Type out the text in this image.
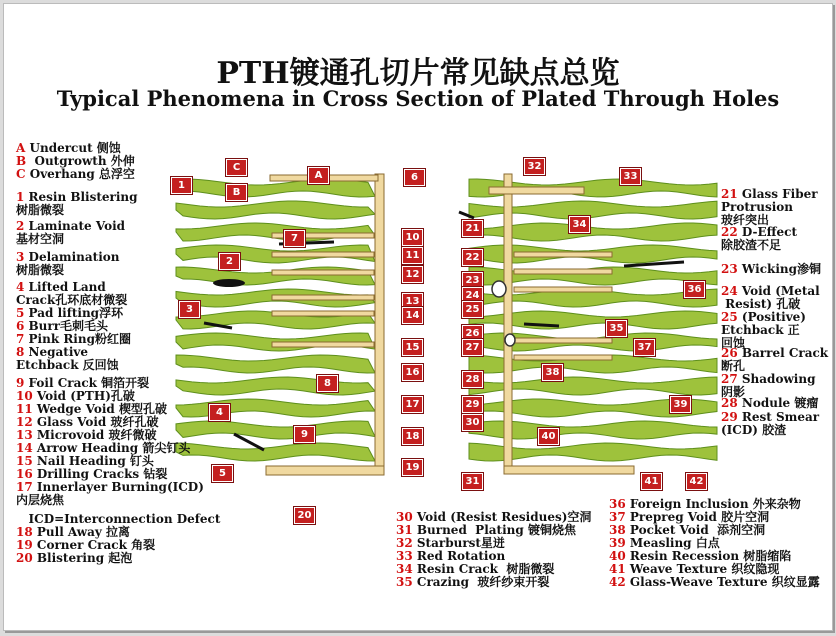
PTH镀通孔切片常见缺点总览
Typical Phenomena in Cross Section of Plated Through Holes
A Undercut 侧蚀
B  Outgrowth 外伸
C Overhang 总浮空
1 Resin Blistering
树脂微裂
2 Laminate Void
基材空洞
3 Delamination
树脂微裂
4 Lifted Land
Crack孔环底材微裂
5 Pad lifting浮环
6 Burr毛刺毛头
7 Pink Ring粉红圈
8 Negative
Etchback 反回蚀
9 Foil Crack 铜箔开裂
10 Void (PTH)孔破
11 Wedge Void 楔型孔破
12 Glass Void 玻纤孔破
13 Microvoid 玻纤微破
14 Arrow Heading 箭尖钉头
15 Nail Heading 钉头
16 Drilling Cracks 钻裂
17 Innerlayer Burning(ICD)
内层烧焦
ICD=Interconnection Defect
18 Pull Away 拉离
19 Corner Crack 角裂
20 Blistering 起泡
21 Glass Fiber
Protrusion
玻纤突出
22 D-Effect
除胶渣不足
23 Wicking渗铜
24 Void (Metal
Resist) 孔破
25 (Positive)
Etchback 正
回蚀
26 Barrel Crack
断孔
27 Shadowing
阴影
28 Nodule 镀瘤
29 Rest Smear
(ICD) 胶渣
30 Void (Resist Residues)空洞
31 Burned  Plating 镀铜烧焦
32 Starburst星迸
33 Red Rotation
34 Resin Crack  树脂微裂
35 Crazing  玻纤纱束开裂
36 Foreign Inclusion 外来杂物
37 Prepreg Void 胶片空洞
38 Pocket Void  添剂空洞
39 Measling 白点
40 Resin Recession 树脂缩陷
41 Weave Texture 织纹隐现
42 Glass-Weave Texture 织纹显露
A
B
C
1
2
3
4
5
6
7
8
9
10
11
12
13
14
15
16
17
18
19
20
21
22
23
24
25
26
27
28
29
30
31
32
33
34
35
36
37
38
39
40
41	42
